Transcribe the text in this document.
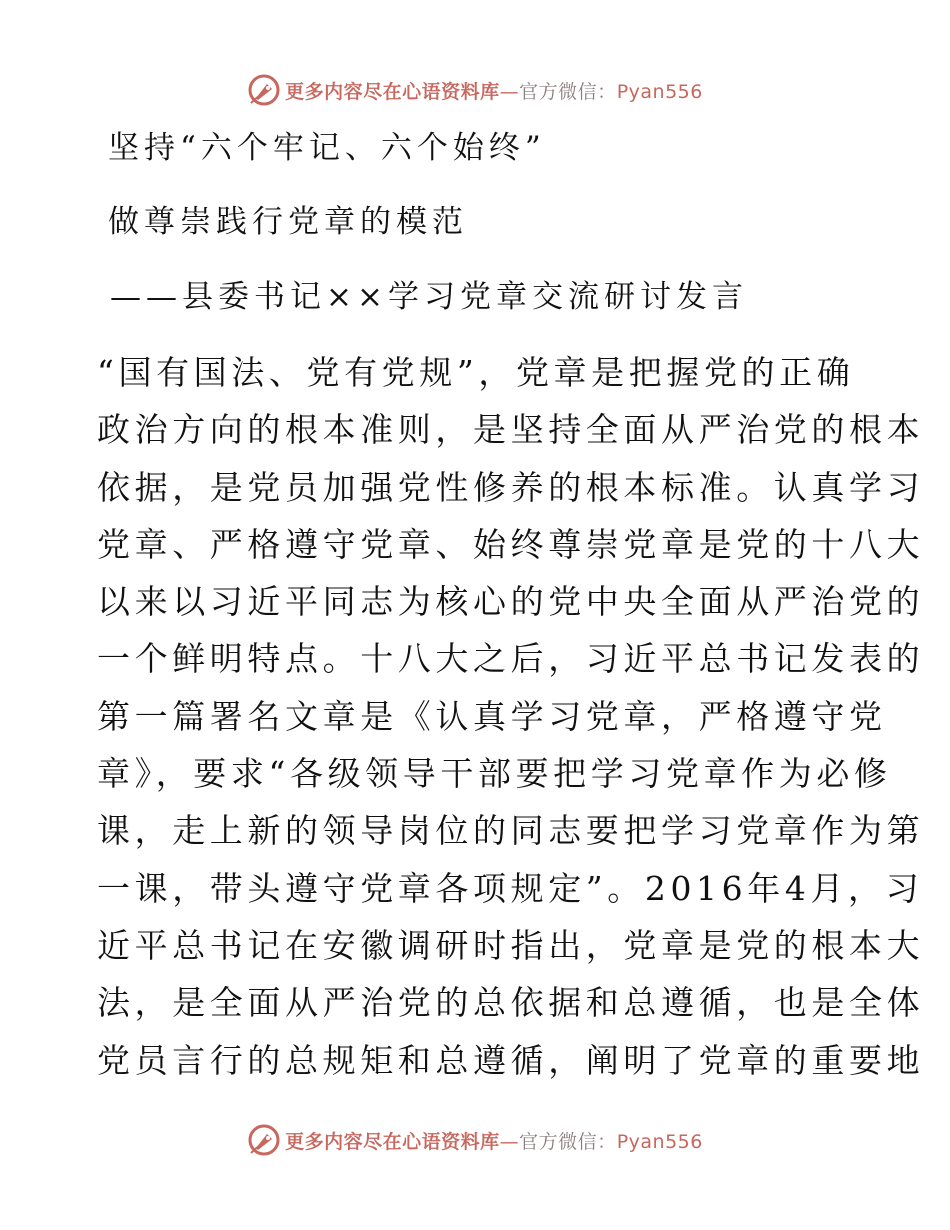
更多内容尽在心语资料库—官方微信：Pyan556
坚持“六个牢记、六个始终”
做尊崇践行党章的模范
——县委书记××学习党章交流研讨发言
“国有国法、党有党规”，党章是把握党的正确
政治方向的根本准则，是坚持全面从严治党的根本
依据，是党员加强党性修养的根本标准。认真学习
党章、严格遵守党章、始终尊崇党章是党的十八大
以来以习近平同志为核心的党中央全面从严治党的
一个鲜明特点。十八大之后，习近平总书记发表的
第一篇署名文章是《认真学习党章，严格遵守党
章》，要求“各级领导干部要把学习党章作为必修
课，走上新的领导岗位的同志要把学习党章作为第
一课，带头遵守党章各项规定”。2016年4月，习
近平总书记在安徽调研时指出，党章是党的根本大
法，是全面从严治党的总依据和总遵循，也是全体
党员言行的总规矩和总遵循，阐明了党章的重要地
更多内容尽在心语资料库—官方微信：Pyan556
